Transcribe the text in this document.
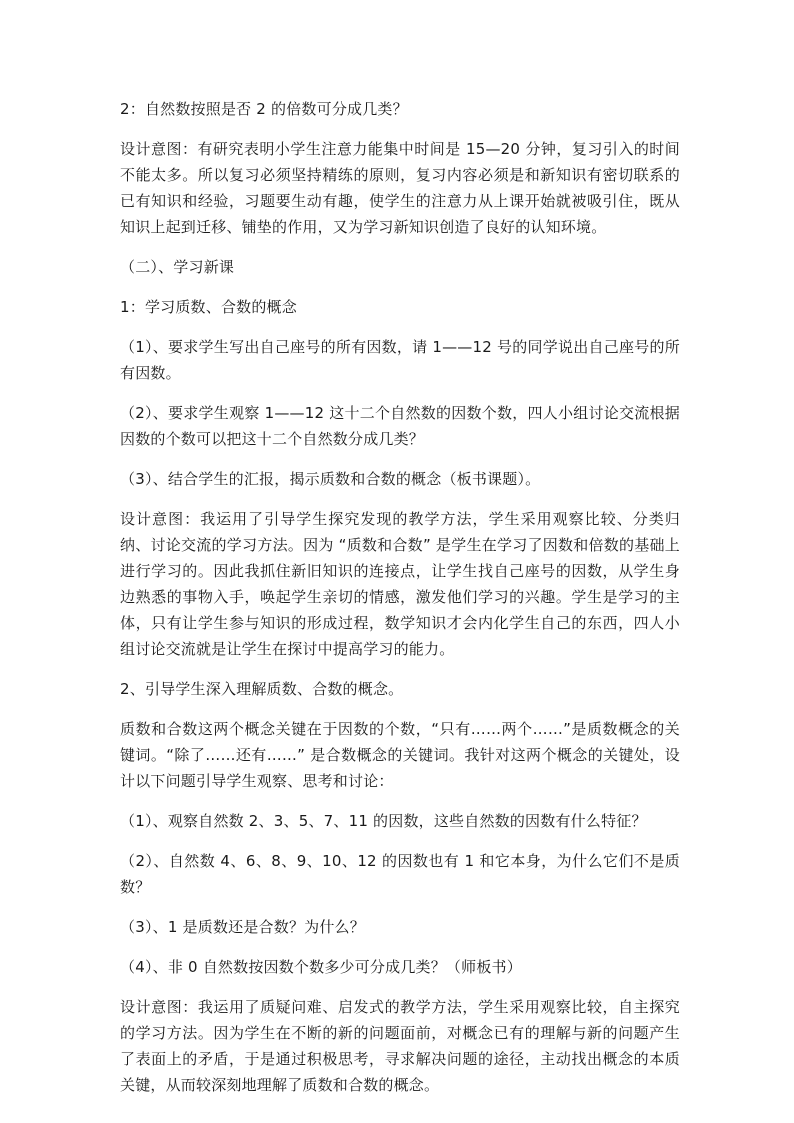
2：自然数按照是否 2 的倍数可分成几类？

设计意图：有研究表明小学生注意力能集中时间是 15—20 分钟，复习引入的时间不能太多。所以复习必须坚持精练的原则，复习内容必须是和新知识有密切联系的已有知识和经验，习题要生动有趣，使学生的注意力从上课开始就被吸引住，既从知识上起到迁移、铺垫的作用，又为学习新知识创造了良好的认知环境。

（二）、学习新课

1：学习质数、合数的概念

（1）、要求学生写出自己座号的所有因数，请 1——12 号的同学说出自己座号的所有因数。

（2）、要求学生观察 1——12 这十二个自然数的因数个数，四人小组讨论交流根据因数的个数可以把这十二个自然数分成几类？

（3）、结合学生的汇报，揭示质数和合数的概念（板书课题）。

设计意图：我运用了引导学生探究发现的教学方法，学生采用观察比较、分类归纳、讨论交流的学习方法。因为 “质数和合数” 是学生在学习了因数和倍数的基础上进行学习的。因此我抓住新旧知识的连接点，让学生找自己座号的因数，从学生身边熟悉的事物入手，唤起学生亲切的情感，激发他们学习的兴趣。学生是学习的主体，只有让学生参与知识的形成过程，数学知识才会内化学生自己的东西，四人小组讨论交流就是让学生在探讨中提高学习的能力。

2、引导学生深入理解质数、合数的概念。

质数和合数这两个概念关键在于因数的个数，“只有……两个……”是质数概念的关键词。“除了……还有……” 是合数概念的关键词。我针对这两个概念的关键处，设计以下问题引导学生观察、思考和讨论：

（1）、观察自然数 2、3、5、7、11 的因数，这些自然数的因数有什么特征？

（2）、自然数 4、6、8、9、10、12 的因数也有 1 和它本身，为什么它们不是质数？

（3）、1 是质数还是合数？为什么？

（4）、非 0 自然数按因数个数多少可分成几类？（师板书）

设计意图：我运用了质疑问难、启发式的教学方法，学生采用观察比较，自主探究的学习方法。因为学生在不断的新的问题面前，对概念已有的理解与新的问题产生了表面上的矛盾，于是通过积极思考，寻求解决问题的途径，主动找出概念的本质关键，从而较深刻地理解了质数和合数的概念。
